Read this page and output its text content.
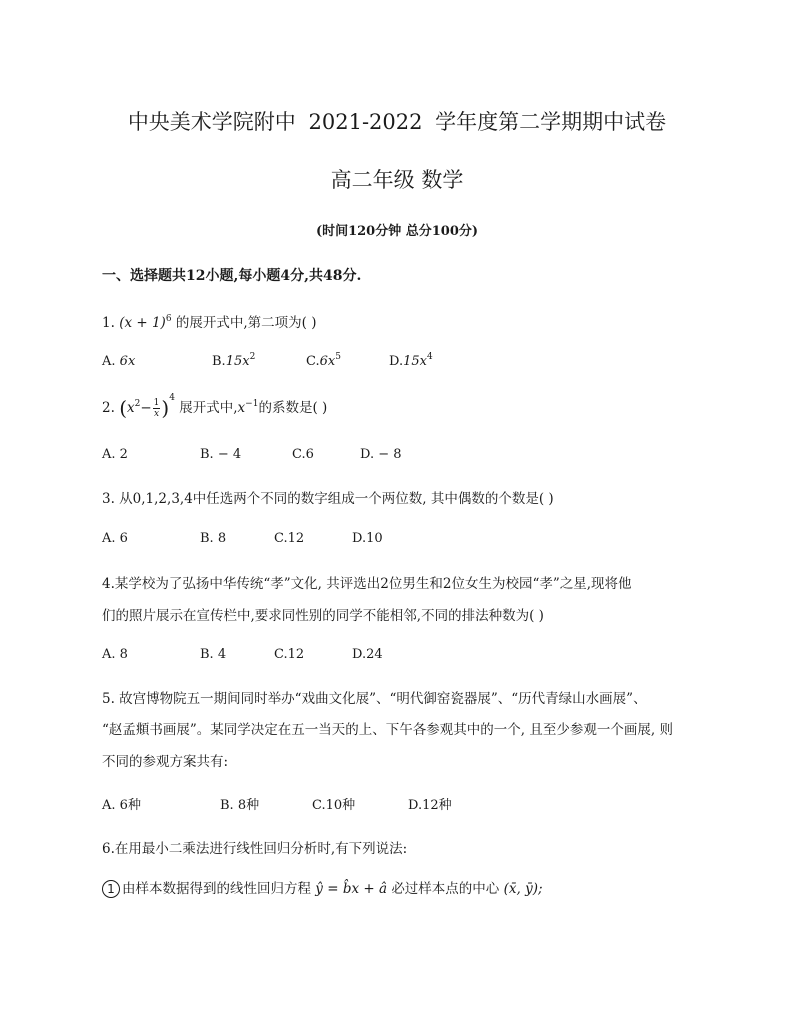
中央美术学院附中 2021-2022 学年度第二学期期中试卷
高二年级 数学
(时间120分钟 总分100分)
一、选择题共12小题,每小题4分,共48分.
1. $(x + 1)^6$ 的展开式中,第二项为( )
A. 6x	$B.15x^2$	$C.6x^5$	$D.15x^4$
2. $(x^2- \frac{1}{x} )^4$ 展开式中$,x^{-1}$的系数是( )
A. 2	B. − 4	C.6	D. − 8
3. 从0,1,2,3,4中任选两个不同的数字组成一个两位数, 其中偶数的个数是( )
A. 6	B. 8	C.12	D.10
4.某学校为了弘扬中华传统“孝”文化, 共评选出2位男生和2位女生为校园“孝”之星,现将他
们的照片展示在宣传栏中,要求同性别的同学不能相邻,不同的排法种数为( )
A. 8	B. 4	C.12	D.24
5. 故宫博物院五一期间同时举办“戏曲文化展”、“明代御窑瓷器展”、“历代青绿山水画展”、
“赵孟頫书画展”。某同学决定在五一当天的上、下午各参观其中的一个, 且至少参观一个画展, 则
不同的参观方案共有:
A. 6种	B. 8种	C.10种	D.12种
6.在用最小二乘法进行线性回归分析时,有下列说法:
1 由样本数据得到的线性回归方程 ŷ = b̂x + â 必过样本点的中心 (x̄, ȳ);
